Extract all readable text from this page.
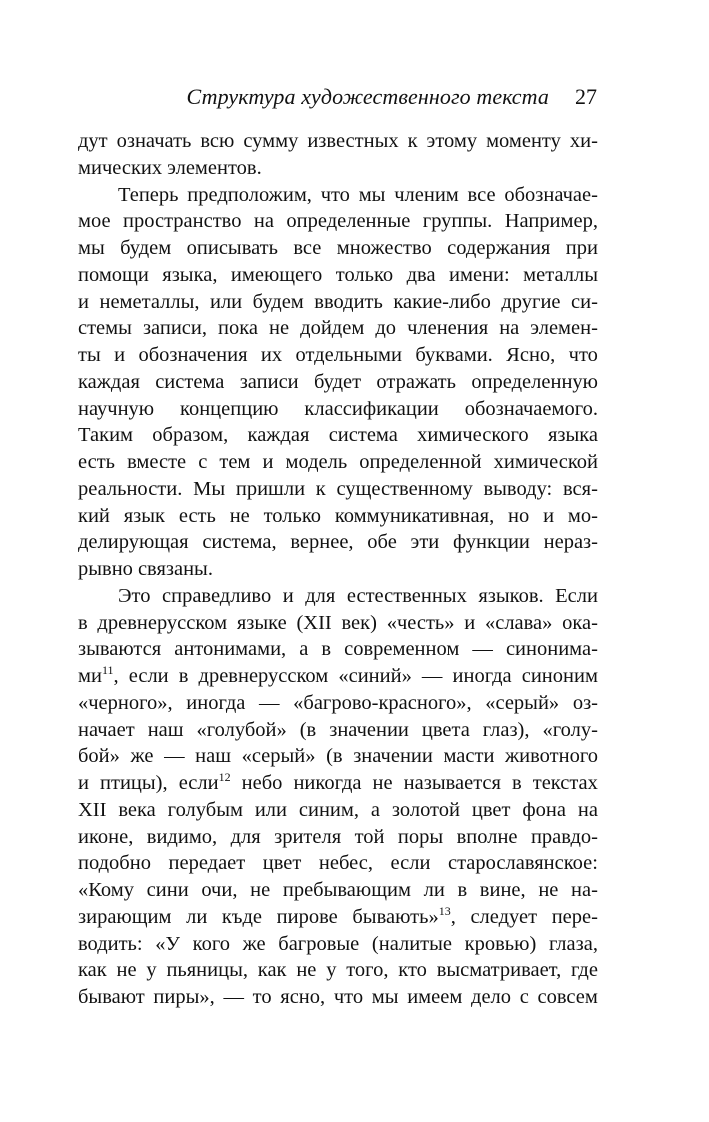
Структура художественного текста 27
дут означать всю сумму известных к этому моменту хи-
мических элементов.
Теперь предположим, что мы членим все обозначае-
мое пространство на определенные группы. Например,
мы будем описывать все множество содержания при
помощи языка, имеющего только два имени: металлы
и неметаллы, или будем вводить какие-либо другие си-
стемы записи, пока не дойдем до членения на элемен-
ты и обозначения их отдельными буквами. Ясно, что
каждая система записи будет отражать определенную
научную концепцию классификации обозначаемого.
Таким образом, каждая система химического языка
есть вместе с тем и модель определенной химической
реальности. Мы пришли к существенному выводу: вся-
кий язык есть не только коммуникативная, но и мо-
делирующая система, вернее, обе эти функции нераз-
рывно связаны.
Это справедливо и для естественных языков. Если
в древнерусском языке (XII век) «честь» и «слава» ока-
зываются антонимами, а в современном — синонима-
$ми^{11}$, если в древнерусском «синий» — иногда синоним
«черного», иногда — «багрово-красного», «серый» оз-
начает наш «голубой» (в значении цвета глаз), «голу-
бой» же — наш «серый» (в значении масти животного
и птицы), если$^{12}$ небо никогда не называется в текстах
XII века голубым или синим, а золотой цвет фона на
иконе, видимо, для зрителя той поры вполне правдо-
подобно передает цвет небес, если старославянское:
«Кому сини очи, не пребывающим ли в вине, не на-
зирающим ли къде пирове бывають»$^{13}$, следует пере-
водить: «У кого же багровые (налитые кровью) глаза,
как не у пьяницы, как не у того, кто высматривает, где
бывают пиры», — то ясно, что мы имеем дело с совсем
